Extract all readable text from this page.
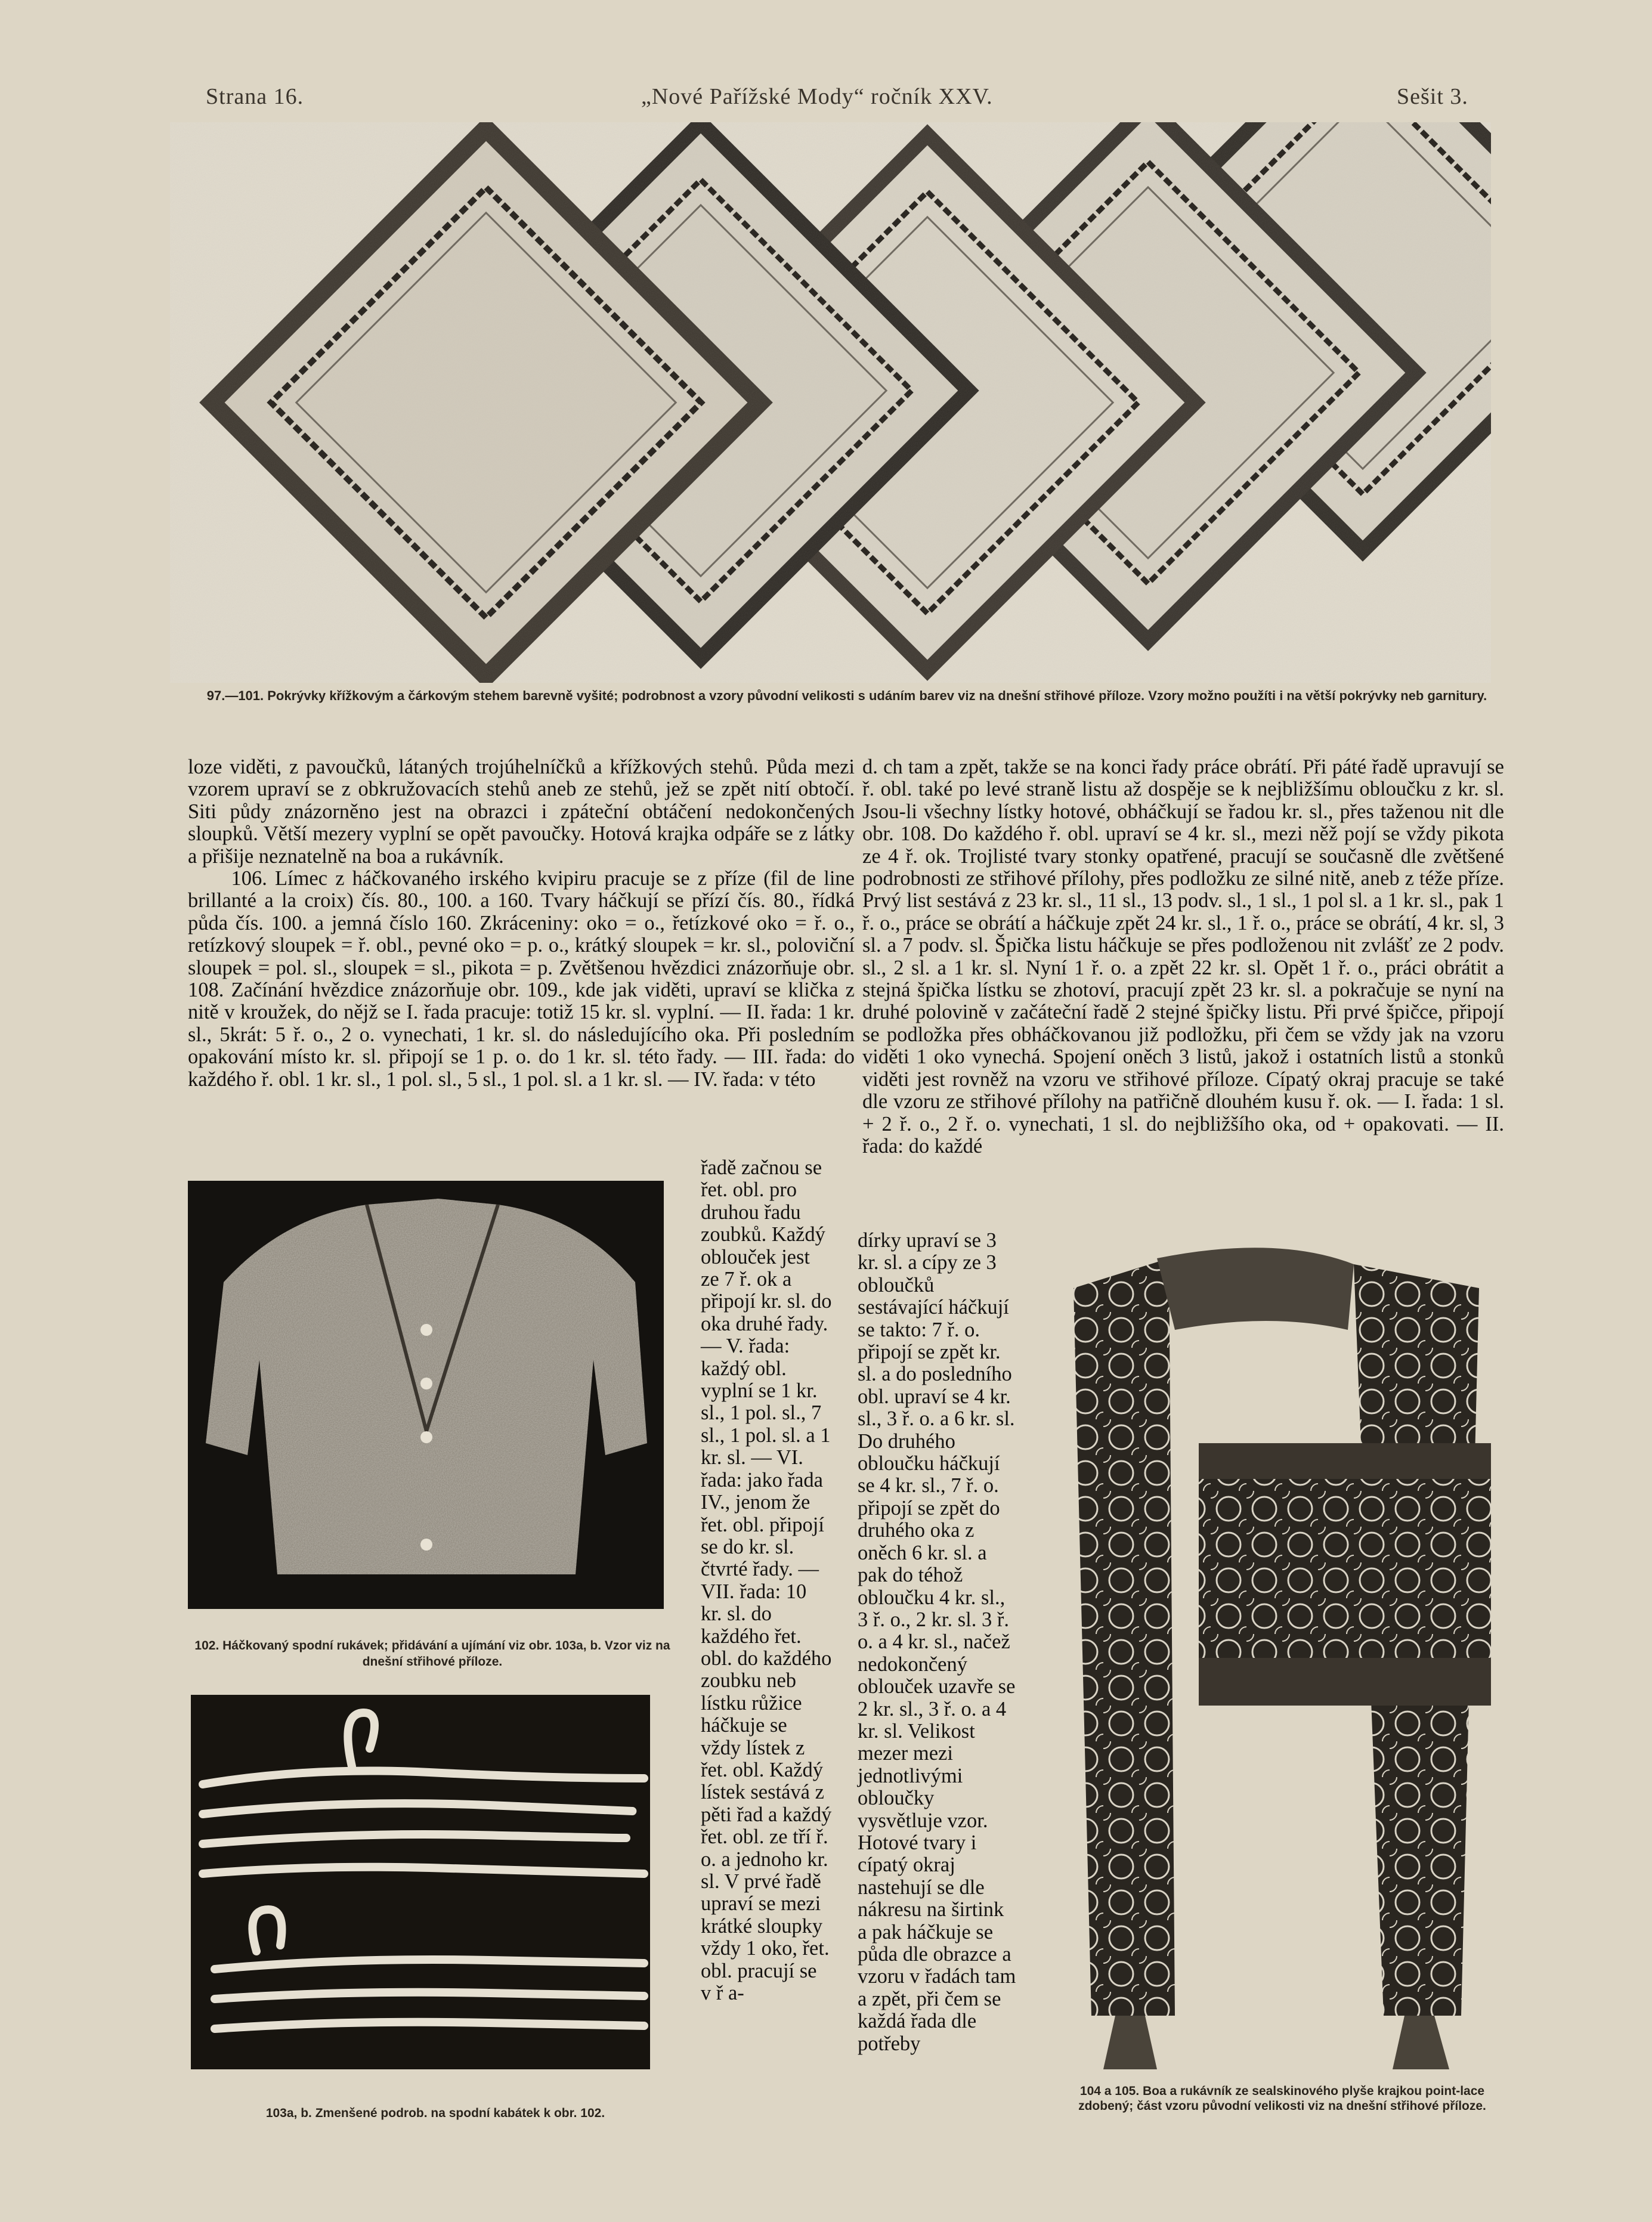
Strana 16.	„Nové Pařížské Mody“ ročník XXV.	Sešit 3.
97.—101. Pokrývky křížkovým a čárkovým stehem barevně vyšité; podrobnost a vzory původní velikosti s udáním barev viz na dnešní střihové příloze. Vzory možno použíti i na větší pokrývky neb garnitury.

loze viděti, z pavoučků, látaných trojúhelníčků a křížkových stehů. Půda mezi vzorem upraví se z obkružovacích stehů aneb ze stehů, jež se zpět nití obtočí. Siti půdy znázorněno jest na obrazci i zpáteční obtáčení nedokončených sloupků. Větší mezery vyplní se opět pavoučky. Hotová krajka odpáře se z látky a přišije neznatelně na boa a rukávník.

106. Límec z háčkovaného irského kvipiru pracuje se z příze (fil de line brillanté a la croix) čís. 80., 100. a 160. Tvary háčkují se přízí čís. 80., řídká půda čís. 100. a jemná číslo 160. Zkráceniny: oko = o., řetízkové oko = ř. o., retízkový sloupek = ř. obl., pevné oko = p. o., krátký sloupek = kr. sl., poloviční sloupek = pol. sl., sloupek = sl., pikota = p. Zvětšenou hvězdici znázorňuje obr. 108. Začínání hvězdice znázorňuje obr. 109., kde jak viděti, upraví se klička z nitě v kroužek, do nějž se I. řada pracuje: totiž 15 kr. sl. vyplní. — II. řada: 1 kr. sl., 5krát: 5 ř. o., 2 o. vynechati, 1 kr. sl. do následujícího oka. Při posledním opakování místo kr. sl. připojí se 1 p. o. do 1 kr. sl. této řady. — III. řada: do každého ř. obl. 1 kr. sl., 1 pol. sl., 5 sl., 1 pol. sl. a 1 kr. sl. — IV. řada: v této

řadě začnou se řet. obl. pro druhou řadu zoubků. Každý oblouček jest ze 7 ř. ok a připojí kr. sl. do oka druhé řady. — V. řada: každý obl. vyplní se 1 kr. sl., 1 pol. sl., 7 sl., 1 pol. sl. a 1 kr. sl. — VI. řada: jako řada IV., jenom že řet. obl. připojí se do kr. sl. čtvrté řady. — VII. řada: 10 kr. sl. do každého řet. obl. do každého zoubku neb lístku růžice háčkuje se vždy lístek z řet. obl. Každý lístek sestává z pěti řad a každý řet. obl. ze tří ř. o. a jednoho kr. sl. V prvé řadě upraví se mezi krátké sloupky vždy 1 oko, řet. obl. pracují se v ř a-
102. Háčkovaný spodní rukávek; přidávání a ujímání viz obr. 103a, b. Vzor viz na dnešní střihové příloze.
103a, b. Zmenšené podrob. na spodní kabátek k obr. 102.
d. ch tam a zpět, takže se na konci řady práce obrátí. Při páté řadě upravují se ř. obl. také po levé straně listu až dospěje se k nejbližšímu obloučku z kr. sl. Jsou-li všechny lístky hotové, obháčkují se řadou kr. sl., přes taženou nit dle obr. 108. Do každého ř. obl. upraví se 4 kr. sl., mezi něž pojí se vždy pikota ze 4 ř. ok. Trojlisté tvary stonky opatřené, pracují se současně dle zvětšené podrobnosti ze střihové přílohy, přes podložku ze silné nitě, aneb z téže příze. Prvý list sestává z 23 kr. sl., 11 sl., 13 podv. sl., 1 sl., 1 pol sl. a 1 kr. sl., pak 1 ř. o., práce se obrátí a háčkuje zpět 24 kr. sl., 1 ř. o., práce se obrátí, 4 kr. sl, 3 sl. a 7 podv. sl. Špička listu háčkuje se přes podloženou nit zvlášť ze 2 podv. sl., 2 sl. a 1 kr. sl. Nyní 1 ř. o. a zpět 22 kr. sl. Opět 1 ř. o., práci obrátit a stejná špička lístku se zhotoví, pracují zpět 23 kr. sl. a pokračuje se nyní na druhé polovině v začáteční řadě 2 stejné špičky listu. Při prvé špičce, připojí se podložka přes obháčkovanou již podložku, při čem se vždy jak na vzoru viděti 1 oko vynechá. Spojení oněch 3 listů, jakož i ostatních listů a stonků viděti jest rovněž na vzoru ve střihové příloze. Cípatý okraj pracuje se také dle vzoru ze střihové přílohy na patřičně dlouhém kusu ř. ok. — I. řada: 1 sl. + 2 ř. o., 2 ř. o. vynechati, 1 sl. do nejbližšího oka, od + opakovati. — II. řada: do každé
dírky upraví se 3 kr. sl. a cípy ze 3 obloučků sestávající háčkují se takto: 7 ř. o. připojí se zpět kr. sl. a do posledního obl. upraví se 4 kr. sl., 3 ř. o. a 6 kr. sl. Do druhého obloučku háčkují se 4 kr. sl., 7 ř. o. připojí se zpět do druhého oka z oněch 6 kr. sl. a pak do téhož obloučku 4 kr. sl., 3 ř. o., 2 kr. sl. 3 ř. o. a 4 kr. sl., načež nedokončený oblouček uzavře se 2 kr. sl., 3 ř. o. a 4 kr. sl. Velikost mezer mezi jednotlivými obloučky vysvětluje vzor. Hotové tvary i cípatý okraj nastehují se dle nákresu na širtink a pak háčkuje se půda dle obrazce a vzoru v řadách tam a zpět, při čem se každá řada dle potřeby
104 a 105. Boa a rukávník ze sealskinového plyše krajkou point-lace zdobený; část vzoru původní velikosti viz na dnešní střihové příloze.
